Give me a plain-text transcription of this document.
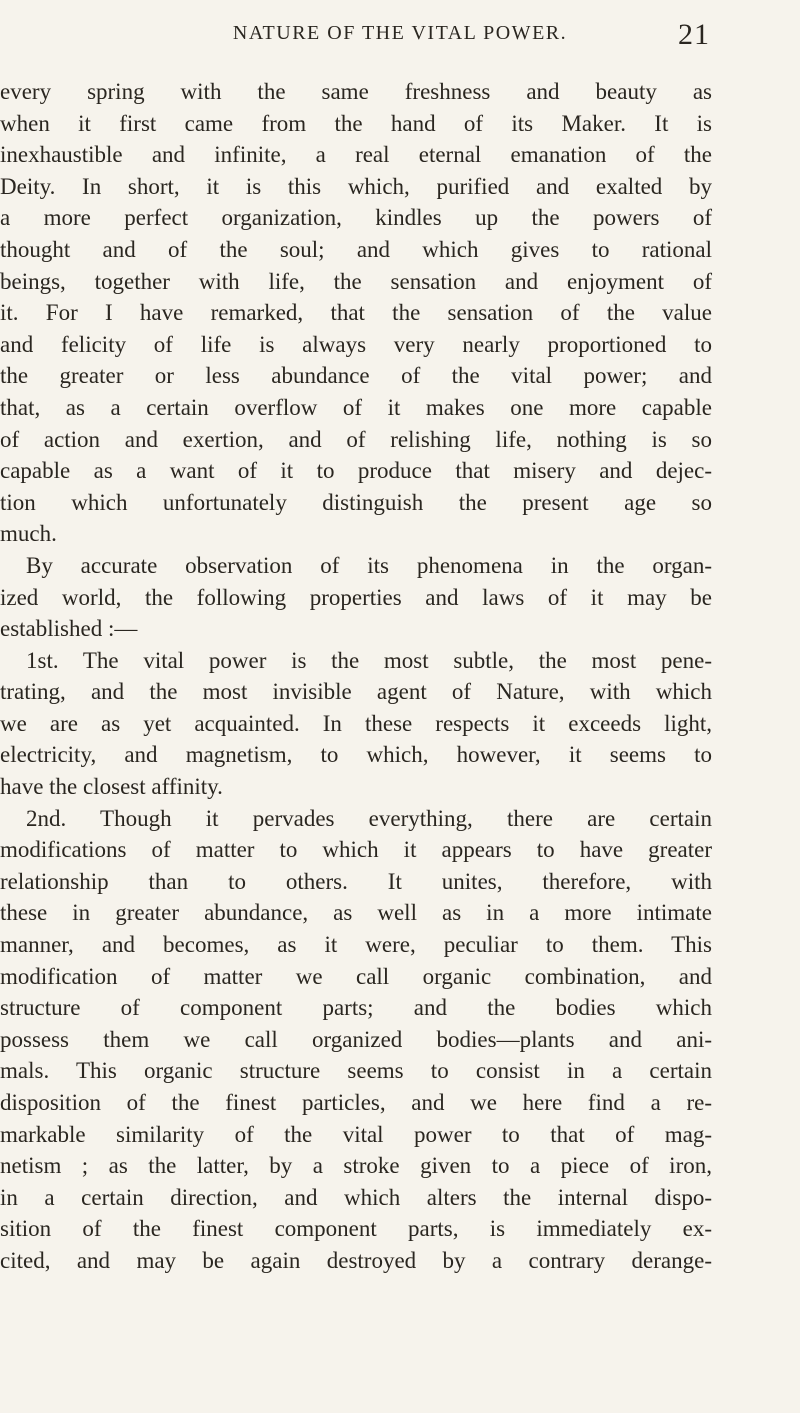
NATURE OF THE VITAL POWER.	21

every spring with the same freshness and beauty as
when it first came from the hand of its Maker. It is
inexhaustible and infinite, a real eternal emanation of the
Deity. In short, it is this which, purified and exalted by
a more perfect organization, kindles up the powers of
thought and of the soul; and which gives to rational
beings, together with life, the sensation and enjoyment of
it. For I have remarked, that the sensation of the value
and felicity of life is always very nearly proportioned to
the greater or less abundance of the vital power; and
that, as a certain overflow of it makes one more capable
of action and exertion, and of relishing life, nothing is so
capable as a want of it to produce that misery and dejec-
tion which unfortunately distinguish the present age so
much.

By accurate observation of its phenomena in the organ-
ized world, the following properties and laws of it may be
established :—

1st. The vital power is the most subtle, the most pene-
trating, and the most invisible agent of Nature, with which
we are as yet acquainted. In these respects it exceeds light,
electricity, and magnetism, to which, however, it seems to
have the closest affinity.

2nd. Though it pervades everything, there are certain
modifications of matter to which it appears to have greater
relationship than to others. It unites, therefore, with
these in greater abundance, as well as in a more intimate
manner, and becomes, as it were, peculiar to them. This
modification of matter we call organic combination, and
structure of component parts; and the bodies which
possess them we call organized bodies—plants and ani-
mals. This organic structure seems to consist in a certain
disposition of the finest particles, and we here find a re-
markable similarity of the vital power to that of mag-
netism ; as the latter, by a stroke given to a piece of iron,
in a certain direction, and which alters the internal dispo-
sition of the finest component parts, is immediately ex-
cited, and may be again destroyed by a contrary derange-
